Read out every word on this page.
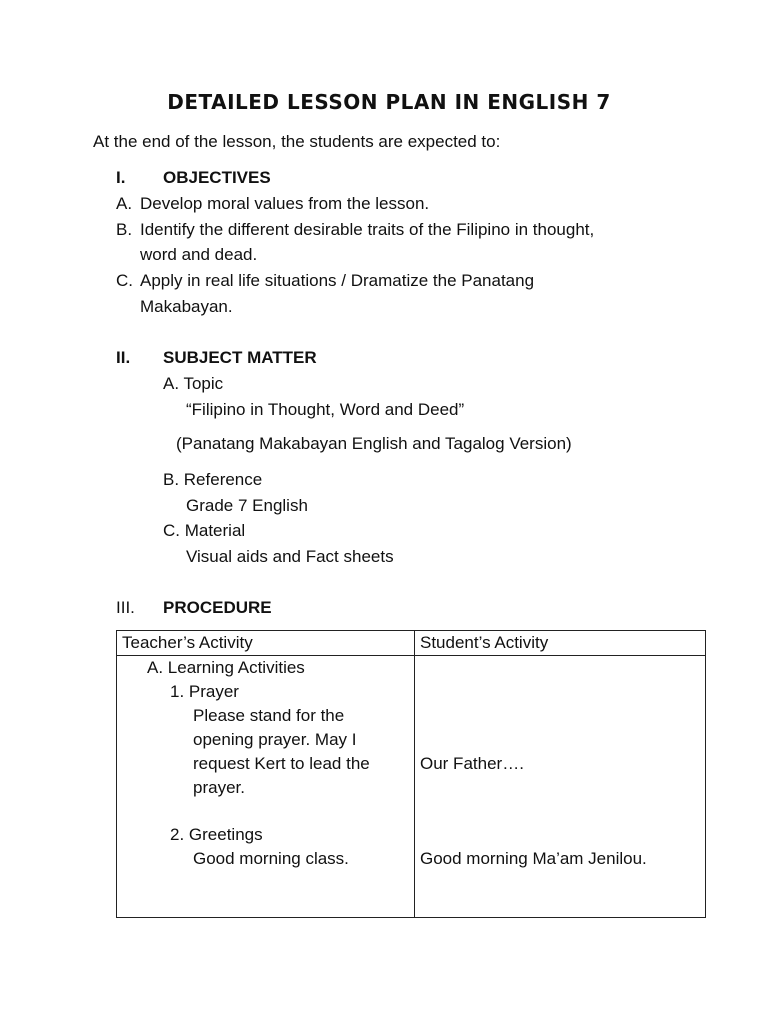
DETAILED LESSON PLAN IN ENGLISH 7
At the end of the lesson, the students are expected to:
I. OBJECTIVES
A. Develop moral values from the lesson.
B. Identify the different desirable traits of the Filipino in thought,
word and dead.
C. Apply in real life situations / Dramatize the Panatang
Makabayan.
II. SUBJECT MATTER
A. Topic
“Filipino in Thought, Word and Deed”
(Panatang Makabayan English and Tagalog Version)
B. Reference
Grade 7 English
C. Material
Visual aids and Fact sheets
III. PROCEDURE
Teacher’s Activity	Student’s Activity
A. Learning Activities
1. Prayer
Please stand for the
opening prayer. May I
request Kert to lead the
prayer.
Our Father….
2. Greetings
Good morning class.	Good morning Ma’am Jenilou.
